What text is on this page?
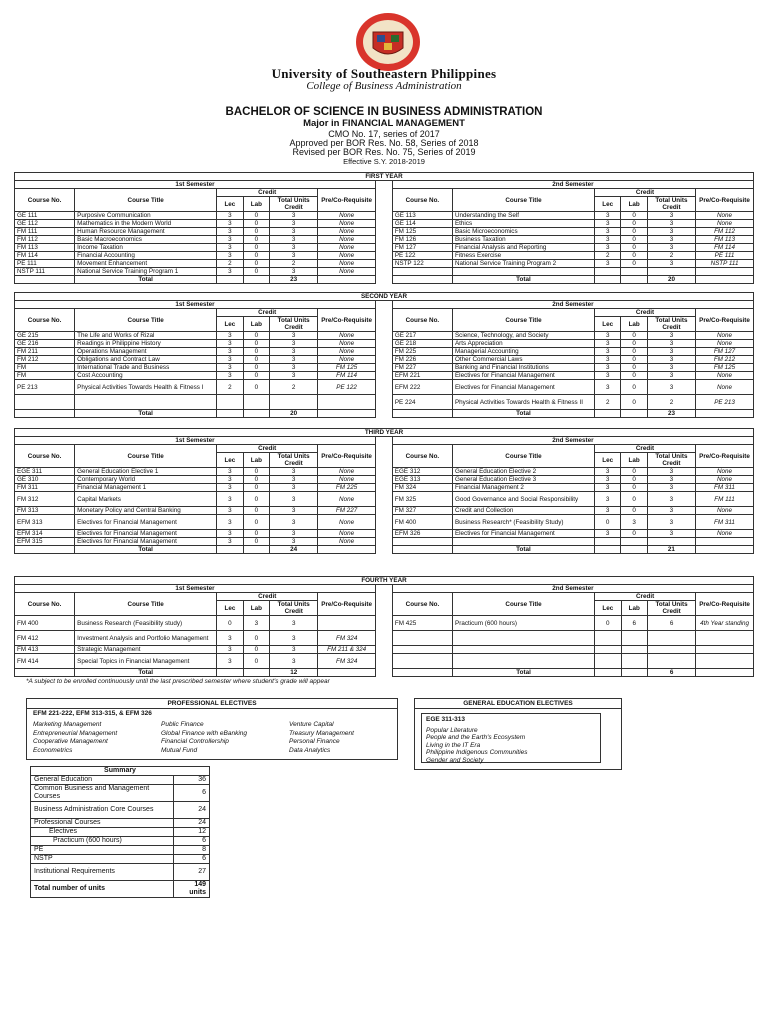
University of Southeastern Philippines
College of Business Administration
BACHELOR OF SCIENCE IN BUSINESS ADMINISTRATION
Major in FINANCIAL MANAGEMENT
CMO No. 17, series of 2017
Approved per BOR Res. No. 58, Series of 2018
Revised per BOR Res. No. 75, Series of 2019
Effective S.Y. 2018-2019
FIRST YEAR												
1st Semester							2nd Semester					
Course No.	Course Title	Credit			Pre/Co-Requisite		Course No.	Course Title	Credit			Pre/Co-Requisite
		Lec	Lab	Total Units Credit					Lec	Lab	Total Units Credit	
GE 111	Purposive Communication	3	0	3	None		GE 113	Understanding the Self	3	0	3	None
GE 112	Mathematics in the Modern World	3	0	3	None		GE 114	Ethics	3	0	3	None
FM 111	Human Resource Management	3	0	3	None		FM 125	Basic Microeconomics	3	0	3	FM 112
FM 112	Basic Macroeconomics	3	0	3	None		FM 126	Business Taxation	3	0	3	FM 113
FM 113	Income Taxation	3	0	3	None		FM 127	Financial Analysis and Reporting	3	0	3	FM 114
FM 114	Financial Accounting	3	0	3	None		PE 122	Fitness Exercise	2	0	2	PE 111
PE 111	Movement Enhancement	2	0	2	None		NSTP 122	National Service Training Program 2	3	0	3	NSTP 111
NSTP 111	National Service Training Program 1	3	0	3	None							
	Total			23				Total			20	
SECOND YEAR												
1st Semester							2nd Semester					
Course No.	Course Title	Credit			Pre/Co-Requisite		Course No.	Course Title	Credit			Pre/Co-Requisite
		Lec	Lab	Total Units Credit					Lec	Lab	Total Units Credit	
GE 215	The Life and Works of Rizal	3	0	3	None		GE 217	Science, Technology, and Society	3	0	3	None
GE 216	Readings in Philippine History	3	0	3	None		GE 218	Arts Appreciation	3	0	3	None
FM 211	Operations Management	3	0	3	None		FM 225	Managerial Accounting	3	0	3	FM 127
FM 212	Obligations and Contract Law	3	0	3	None		FM 226	Other Commercial Laws	3	0	3	FM 212
FM	International Trade and Business	3	0	3	FM 125		FM 227	Banking and Financial Institutions	3	0	3	FM 125
FM	Cost Accounting	3	0	3	FM 114		EFM 221	Electives for Financial Management	3	0	3	None
PE 213	Physical Activities Towards Health & Fitness I	2	0	2	PE 122		EFM 222	Electives for Financial Management	3	0	3	None
							PE 224	Physical Activities Towards Health & Fitness II	2	0	2	PE 213
	Total			20				Total			23	
THIRD YEAR												
1st Semester							2nd Semester					
Course No.	Course Title	Credit			Pre/Co-Requisite		Course No.	Course Title	Credit			Pre/Co-Requisite
		Lec	Lab	Total Units Credit					Lec	Lab	Total Units Credit	
EGE 311	General Education Elective 1	3	0	3	None		EGE 312	General Education Elective 2	3	0	3	None
GE 310	Contemporary World	3	0	3	None		EGE 313	General Education Elective 3	3	0	3	None
FM 311	Financial Management 1	3	0	3	FM 225		FM 324	Financial Management 2	3	0	3	FM 311
FM 312	Capital Markets	3	0	3	None		FM 325	Good Governance and Social Responsibility	3	0	3	FM 111
FM 313	Monetary Policy and Central Banking	3	0	3	FM 227		FM 327	Credit and Collection	3	0	3	None
EFM 313	Electives for Financial Management	3	0	3	None		FM 400	Business Research* (Feasibility Study)	0	3	3	FM 311
EFM 314	Electives for Financial Management	3	0	3	None		EFM 326	Electives for Financial Management	3	0	3	None
EFM 315	Electives for Financial Management	3	0	3	None							
	Total			24				Total			21	
FOURTH YEAR												
1st Semester							2nd Semester					
Course No.	Course Title	Credit			Pre/Co-Requisite		Course No.	Course Title	Credit			Pre/Co-Requisite
		Lec	Lab	Total Units Credit					Lec	Lab	Total Units Credit	
FM 400	Business Research (Feasibility study)	0	3	3			FM 425	Practicum (600 hours)	0	6	6	4th Year standing
FM 412	Investment Analysis and Portfolio Management	3	0	3	FM 324							
FM 413	Strategic Management	3	0	3	FM 211 & 324							
FM 414	Special Topics in Financial Management	3	0	3	FM 324							
	Total			12				Total			6	
*A subject to be enrolled continuously until the last prescribed semester where student's grade will appear
PROFESSIONAL ELECTIVES
EFM 221-222, EFM 313-315, & EFM 326
Marketing Management	Public Finance	Venture Capital
Entrepreneurial Management	Global Finance with eBanking	Treasury Management
Cooperative Management	Financial Controllership	Personal Finance
Econometrics	Mutual Fund	Data Analytics
GENERAL EDUCATION ELECTIVES
EGE 311-313
Popular Literature
People and the Earth's Ecosystem
Living in the IT Era
Philippine Indigenous Communities
Gender and Society
Summary	
General Education	36
Common Business and Management Courses	6
Business Administration Core Courses	24
Professional Courses	24
Electives	12
Practicum (600 hours)	6
PE	8
NSTP	6
Institutional Requirements	27
Total number of units	149 units
